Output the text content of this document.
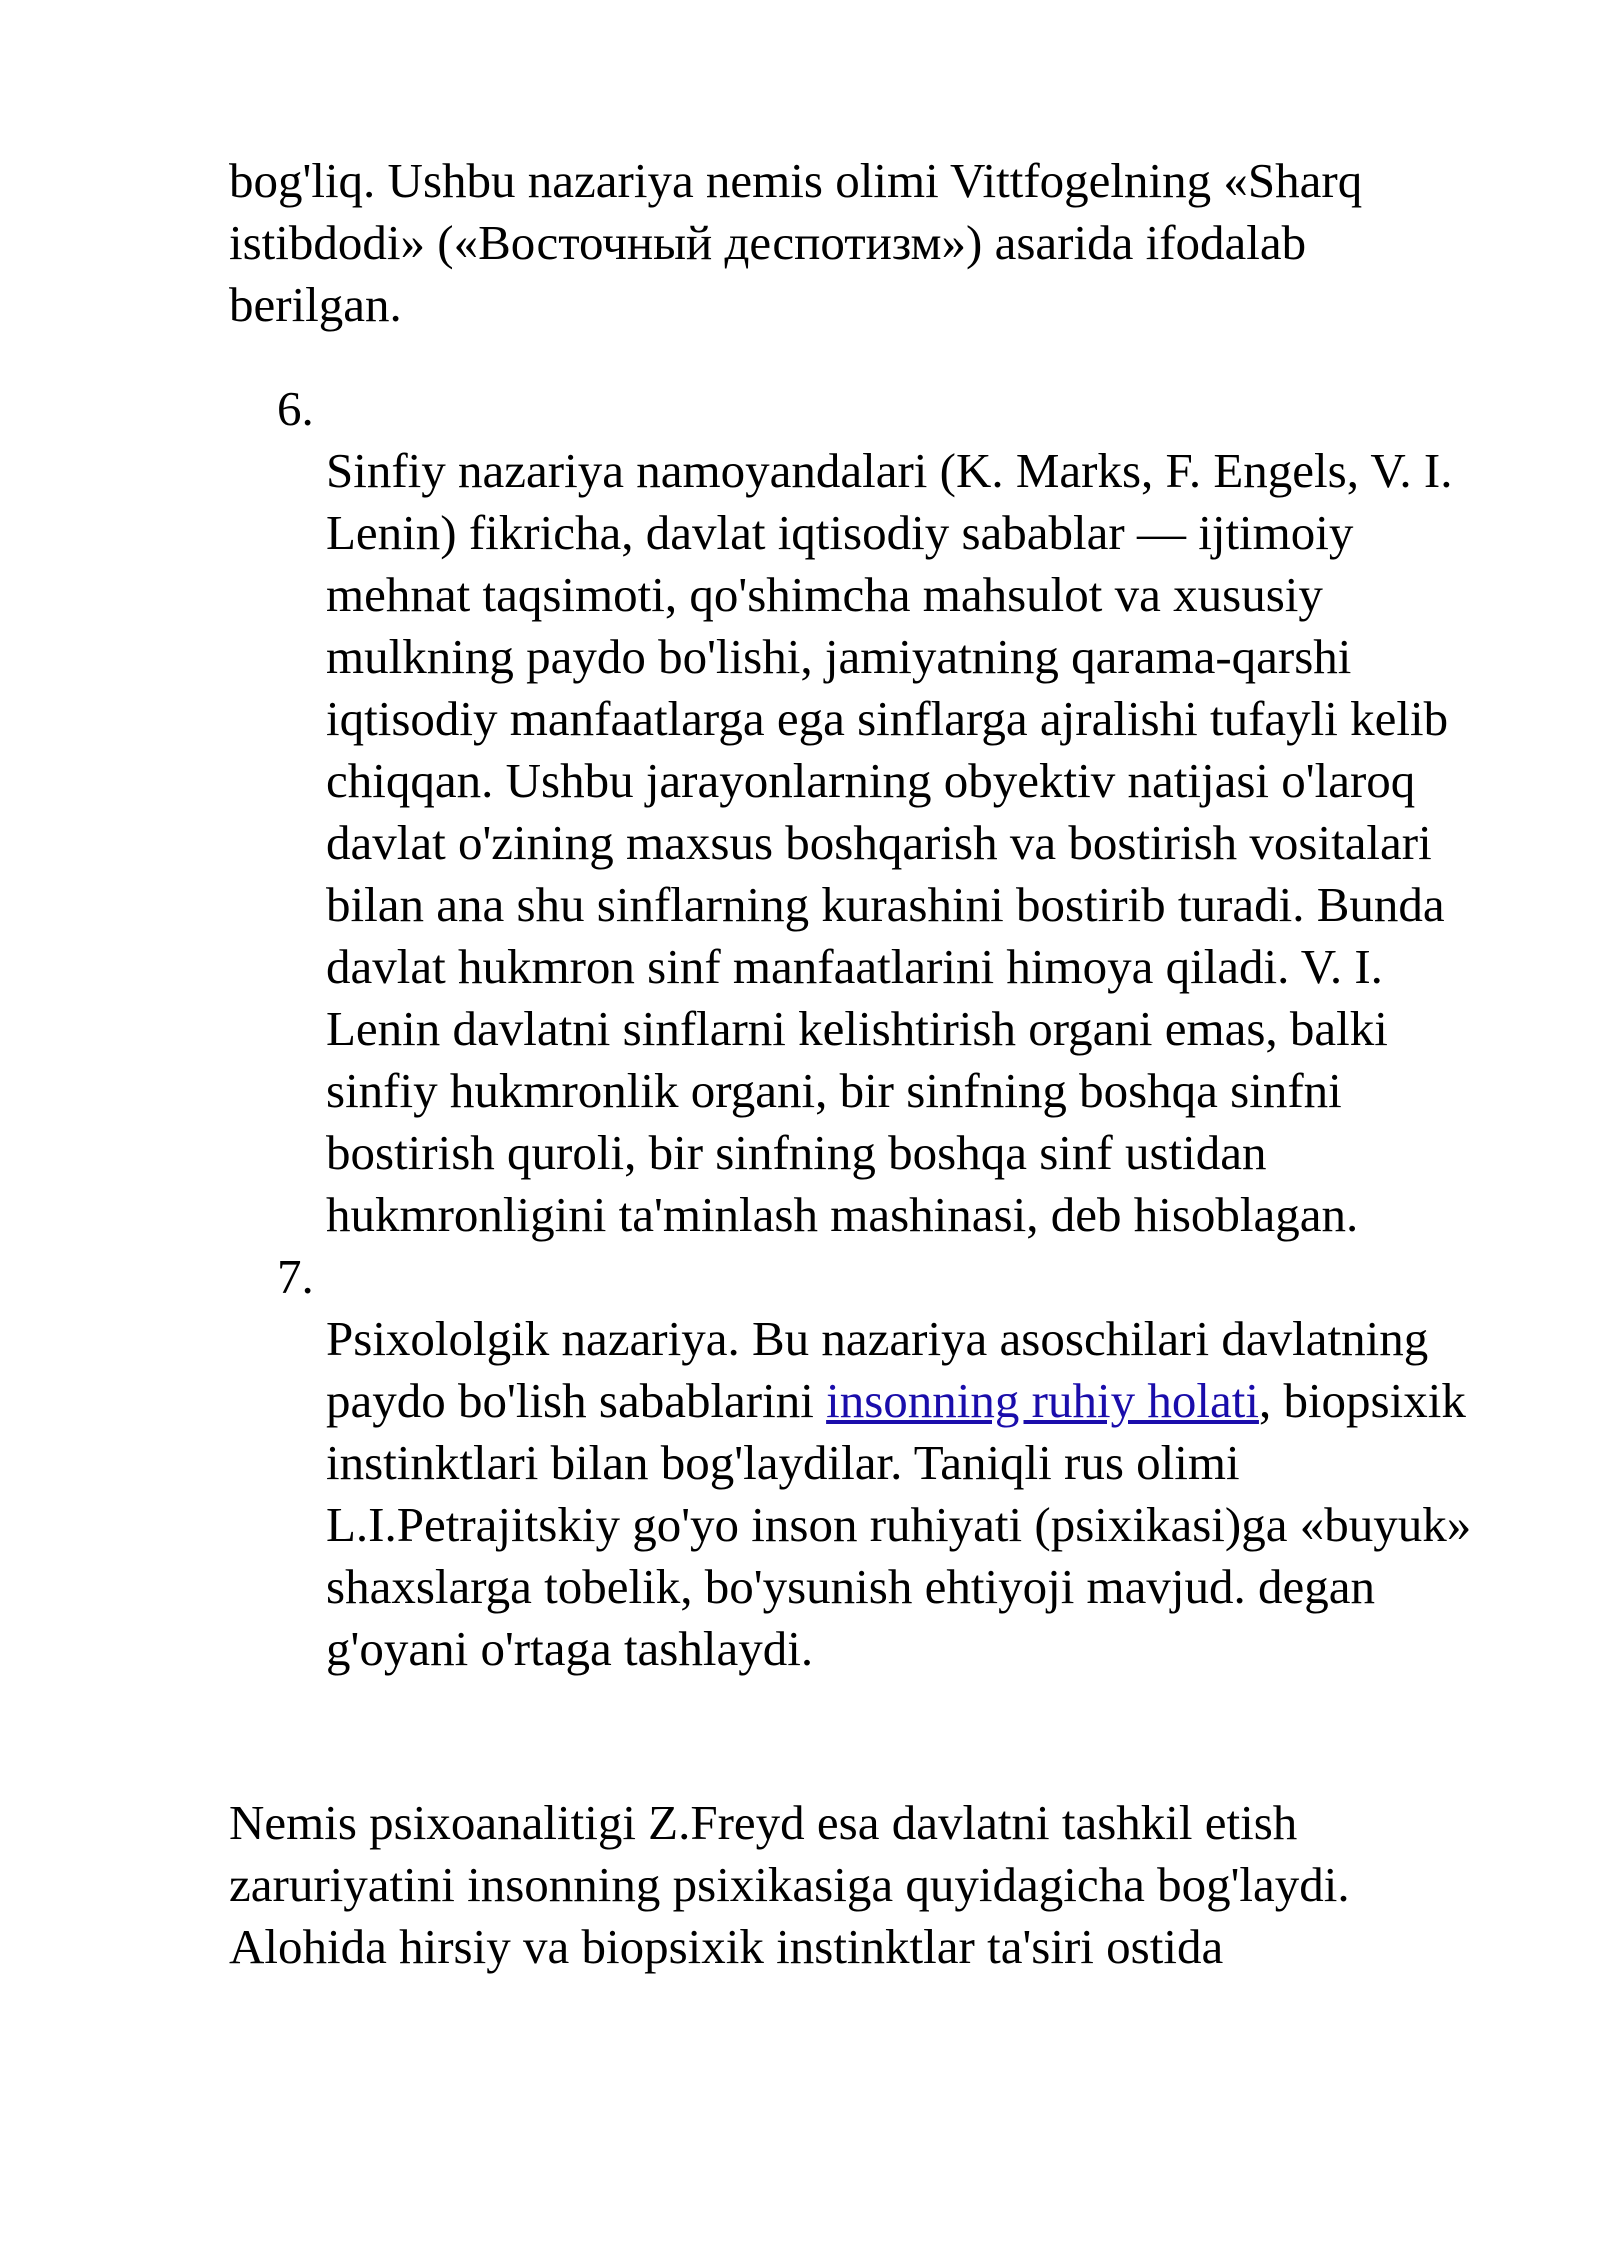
bog'liq. Ushbu nazariya nemis olimi Vittfogelning «Sharq istibdodi» («Восточный деспотизм») asarida ifodalab berilgan.

6.
Sinfiy nazariya namoyandalari (K. Marks, F. Engels, V. I. Lenin) fikricha, davlat iqtisodiy sabablar — ijtimoiy mehnat taqsimoti, qo'shimcha mahsulot va xususiy mulkning paydo bo'lishi, jamiyatning qarama-qarshi iqtisodiy manfaatlarga ega sinflarga ajralishi tufayli kelib chiqqan. Ushbu jarayonlarning obyektiv natijasi o'laroq davlat o'zining maxsus boshqarish va bostirish vositalari bilan ana shu sinflarning kurashini bostirib turadi. Bunda davlat hukmron sinf manfaatlarini himoya qiladi. V. I. Lenin davlatni sinflarni kelishtirish organi emas, balki sinfiy hukmronlik organi, bir sinfning boshqa sinfni bostirish quroli, bir sinfning boshqa sinf ustidan hukmronligini ta'minlash mashinasi, deb hisoblagan.
7.
Psixololgik nazariya. Bu nazariya asoschilari davlatning paydo bo'lish sabablarini insonning ruhiy holati, biopsixik instinktlari bilan bog'laydilar. Taniqli rus olimi L.I.Petrajitskiy go'yo inson ruhiyati (psixikasi)ga «buyuk» shaxslarga tobelik, bo'ysunish ehtiyoji mavjud. degan g'oyani o'rtaga tashlaydi.

Nemis psixoanalitigi Z.Freyd esa davlatni tashkil etish zaruriyatini insonning psixikasiga quyidagicha bog'laydi. Alohida hirsiy va biopsixik instinktlar ta'siri ostida
